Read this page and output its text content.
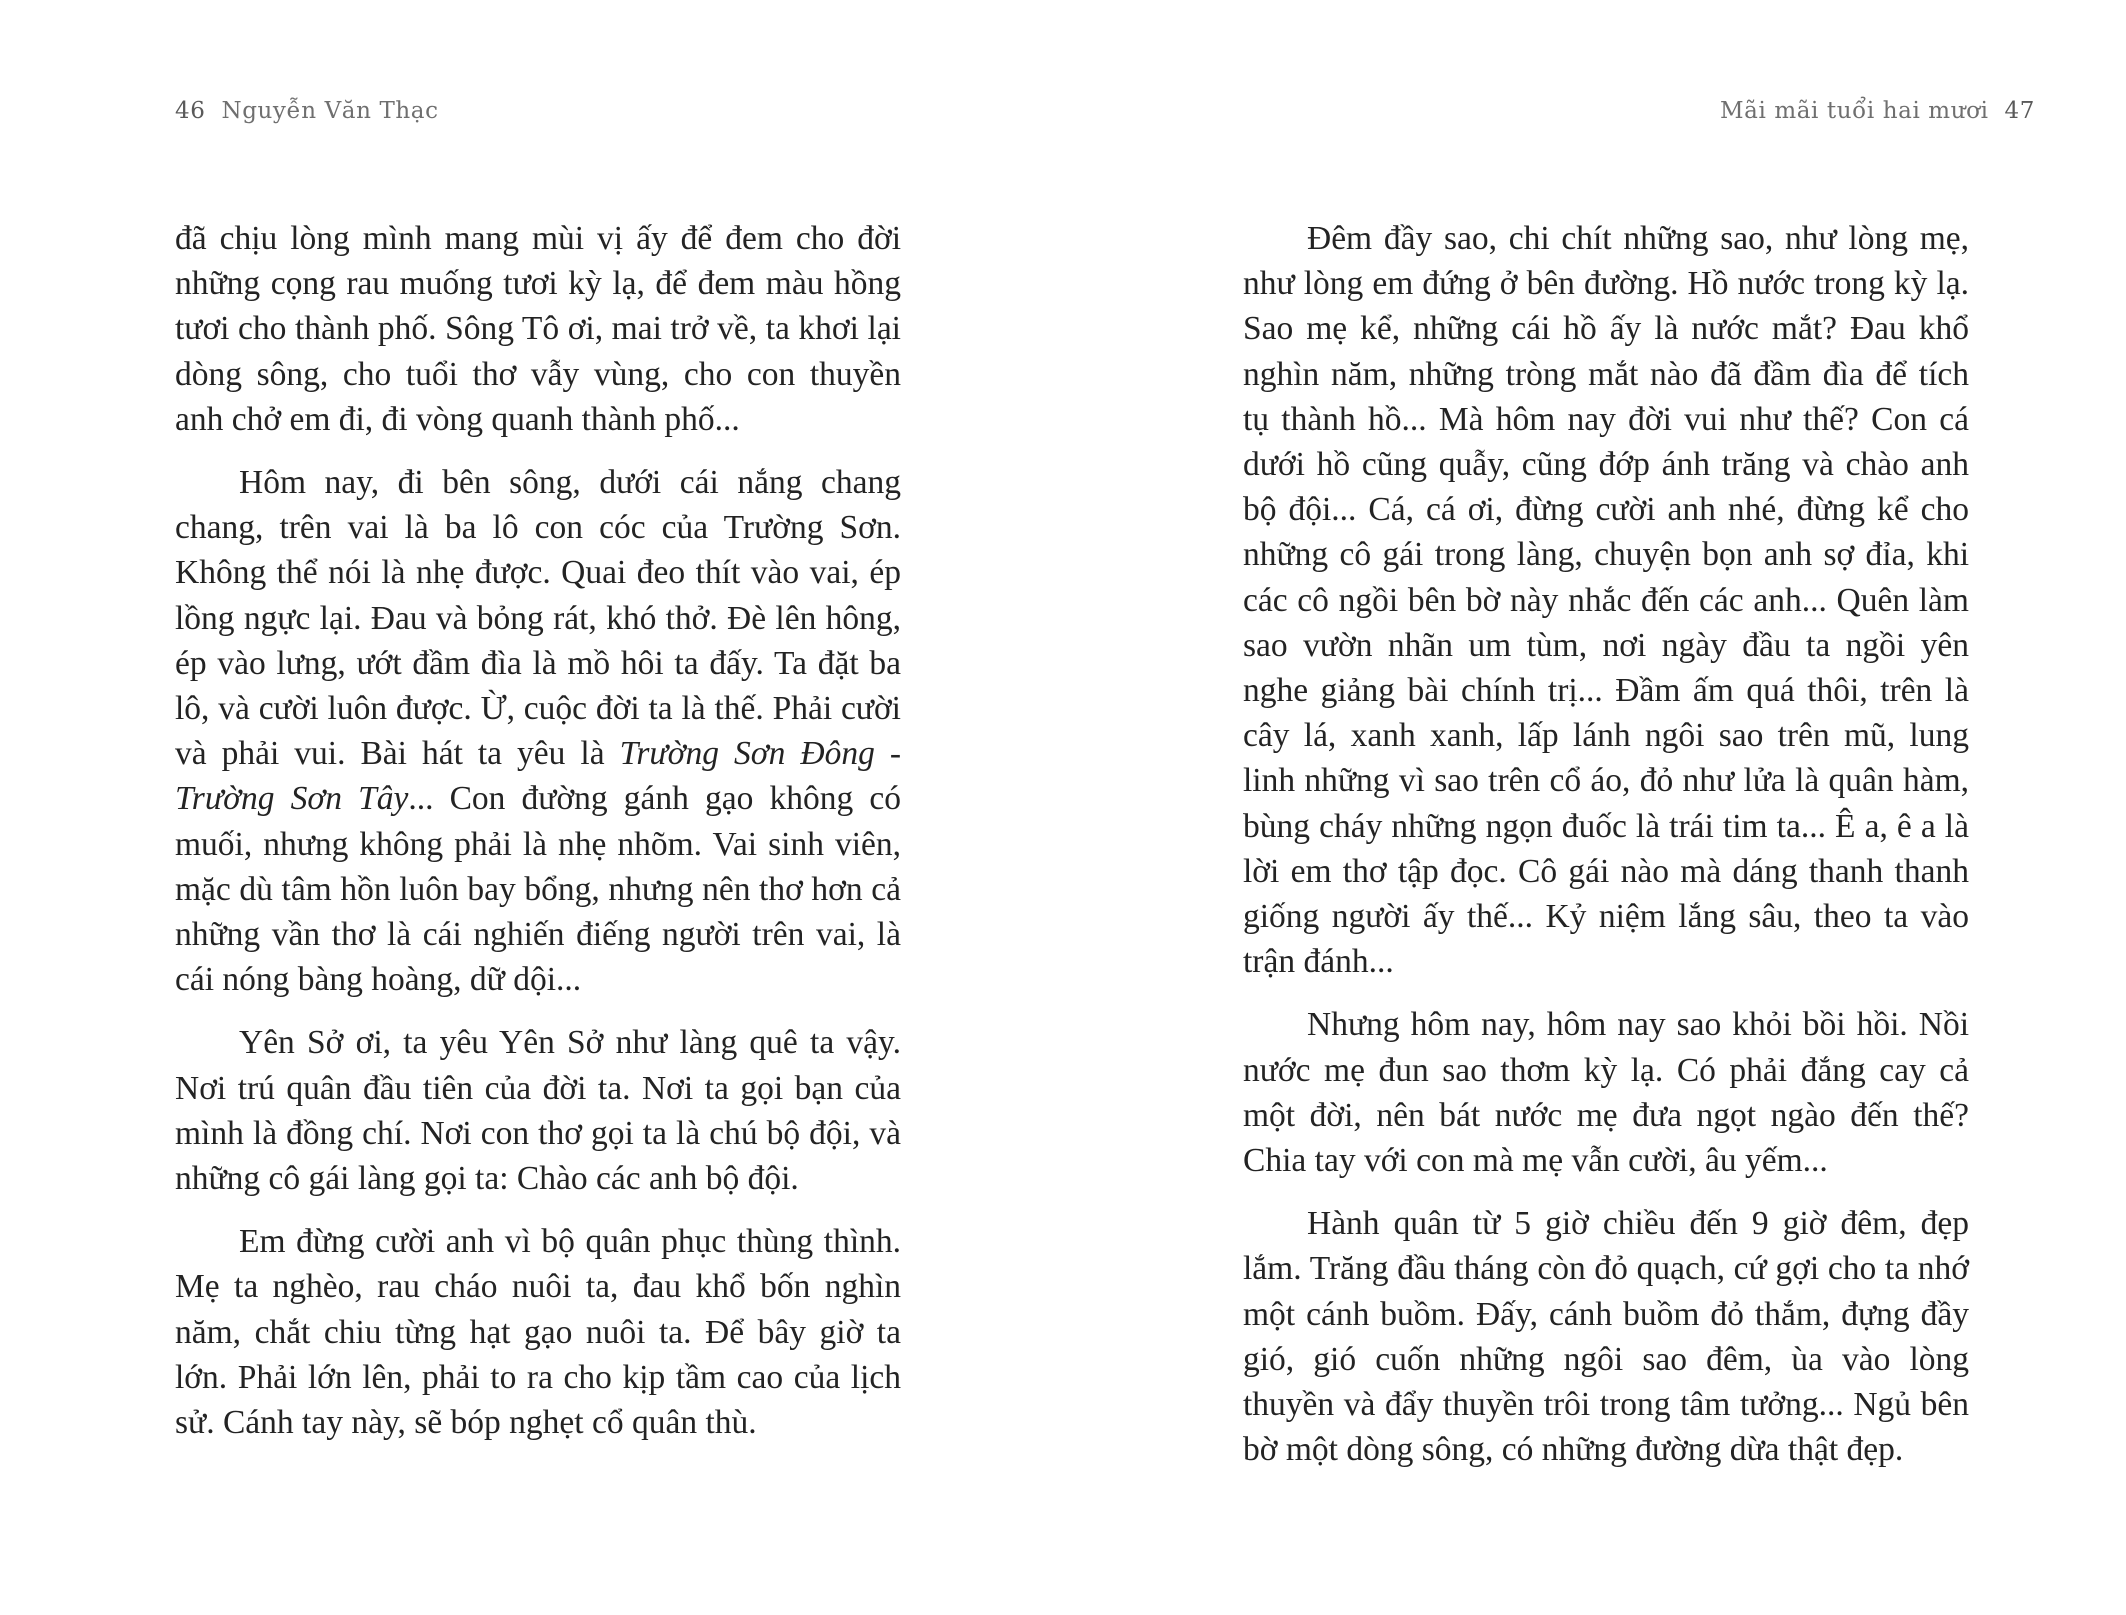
46 Nguyễn Văn Thạc

đã chịu lòng mình mang mùi vị ấy để đem cho đời những cọng rau muống tươi kỳ lạ, để đem màu hồng tươi cho thành phố. Sông Tô ơi, mai trở về, ta khơi lại dòng sông, cho tuổi thơ vẫy vùng, cho con thuyền anh chở em đi, đi vòng quanh thành phố...

Hôm nay, đi bên sông, dưới cái nắng chang chang, trên vai là ba lô con cóc của Trường Sơn. Không thể nói là nhẹ được. Quai đeo thít vào vai, ép lồng ngực lại. Đau và bỏng rát, khó thở. Đè lên hông, ép vào lưng, ướt đầm đìa là mồ hôi ta đấy. Ta đặt ba lô, và cười luôn được. Ừ, cuộc đời ta là thế. Phải cười và phải vui. Bài hát ta yêu là Trường Sơn Đông - Trường Sơn Tây... Con đường gánh gạo không có muối, nhưng không phải là nhẹ nhõm. Vai sinh viên, mặc dù tâm hồn luôn bay bổng, nhưng nên thơ hơn cả những vần thơ là cái nghiến điếng người trên vai, là cái nóng bàng hoàng, dữ dội...

Yên Sở ơi, ta yêu Yên Sở như làng quê ta vậy. Nơi trú quân đầu tiên của đời ta. Nơi ta gọi bạn của mình là đồng chí. Nơi con thơ gọi ta là chú bộ đội, và những cô gái làng gọi ta: Chào các anh bộ đội.

Em đừng cười anh vì bộ quân phục thùng thình. Mẹ ta nghèo, rau cháo nuôi ta, đau khổ bốn nghìn năm, chắt chiu từng hạt gạo nuôi ta. Để bây giờ ta lớn. Phải lớn lên, phải to ra cho kịp tầm cao của lịch sử. Cánh tay này, sẽ bóp nghẹt cổ quân thù.

Mãi mãi tuổi hai mươi 47

Đêm đầy sao, chi chít những sao, như lòng mẹ, như lòng em đứng ở bên đường. Hồ nước trong kỳ lạ. Sao mẹ kể, những cái hồ ấy là nước mắt? Đau khổ nghìn năm, những tròng mắt nào đã đầm đìa để tích tụ thành hồ... Mà hôm nay đời vui như thế? Con cá dưới hồ cũng quẫy, cũng đớp ánh trăng và chào anh bộ đội... Cá, cá ơi, đừng cười anh nhé, đừng kể cho những cô gái trong làng, chuyện bọn anh sợ đỉa, khi các cô ngồi bên bờ này nhắc đến các anh... Quên làm sao vườn nhãn um tùm, nơi ngày đầu ta ngồi yên nghe giảng bài chính trị... Đầm ấm quá thôi, trên là cây lá, xanh xanh, lấp lánh ngôi sao trên mũ, lung linh những vì sao trên cổ áo, đỏ như lửa là quân hàm, bùng cháy những ngọn đuốc là trái tim ta... Ê a, ê a là lời em thơ tập đọc. Cô gái nào mà dáng thanh thanh giống người ấy thế... Kỷ niệm lắng sâu, theo ta vào trận đánh...

Nhưng hôm nay, hôm nay sao khỏi bồi hồi. Nồi nước mẹ đun sao thơm kỳ lạ. Có phải đắng cay cả một đời, nên bát nước mẹ đưa ngọt ngào đến thế? Chia tay với con mà mẹ vẫn cười, âu yếm...

Hành quân từ 5 giờ chiều đến 9 giờ đêm, đẹp lắm. Trăng đầu tháng còn đỏ quạch, cứ gợi cho ta nhớ một cánh buồm. Đấy, cánh buồm đỏ thắm, đựng đầy gió, gió cuốn những ngôi sao đêm, ùa vào lòng thuyền và đẩy thuyền trôi trong tâm tưởng... Ngủ bên bờ một dòng sông, có những đường dừa thật đẹp.
